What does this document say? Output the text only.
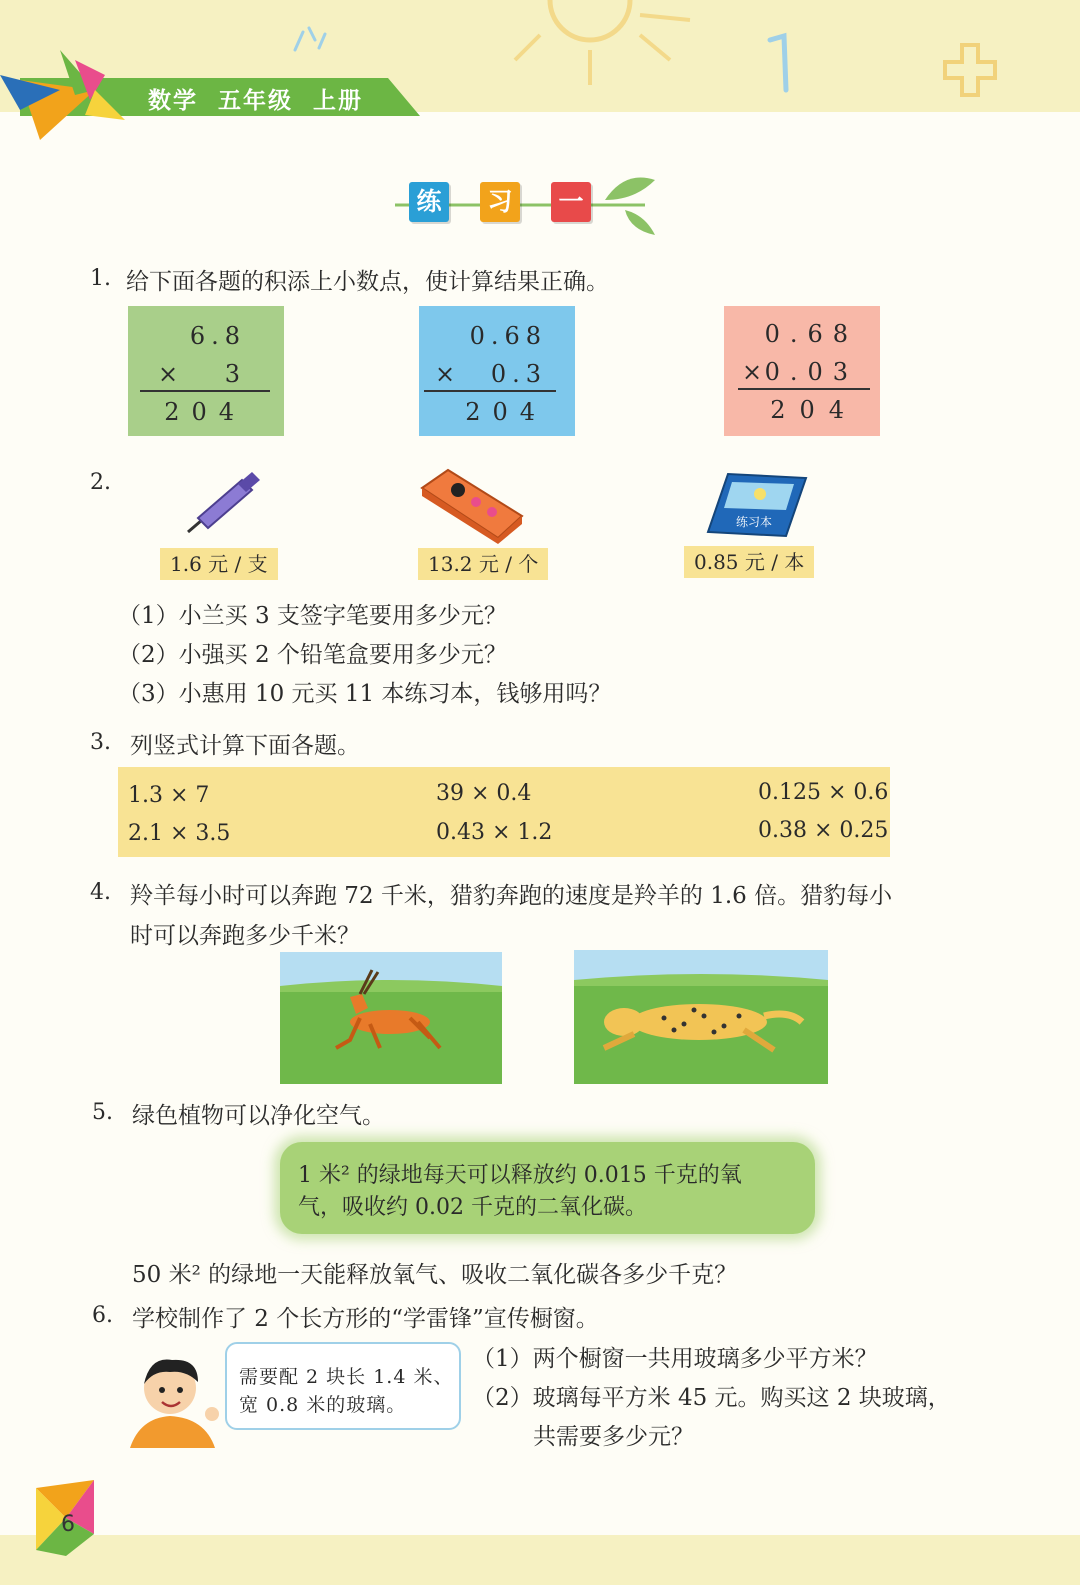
数学  五年级  上册
练	习	一
1. 给下面各题的积添上小数点，使计算结果正确。
6.8
× 3
204
0.68
× 0.3
204
0.68
×
0.03
204
2.
练习本
1.6 元 / 支	13.2 元 / 个	0.85 元 / 本
（1）小兰买 3 支签字笔要用多少元？
（2）小强买 2 个铅笔盒要用多少元？
（3）小惠用 10 元买 11 本练习本，钱够用吗？
3. 列竖式计算下面各题。
1.3 × 7	39 × 0.4	0.125 × 0.6
2.1 × 3.5	0.43 × 1.2	0.38 × 0.25
4. 羚羊每小时可以奔跑 72 千米，猎豹奔跑的速度是羚羊的 1.6 倍。猎豹每小
时可以奔跑多少千米？
5. 绿色植物可以净化空气。
1 米² 的绿地每天可以释放约 0.015 千克的氧
气，吸收约 0.02 千克的二氧化碳。
50 米² 的绿地一天能释放氧气、吸收二氧化碳各多少千克？
6. 学校制作了 2 个长方形的“学雷锋”宣传橱窗。
需要配 2 块长 1.4 米、
宽 0.8 米的玻璃。
（1）两个橱窗一共用玻璃多少平方米？
（2）玻璃每平方米 45 元。购买这 2 块玻璃，
共需要多少元？
6
